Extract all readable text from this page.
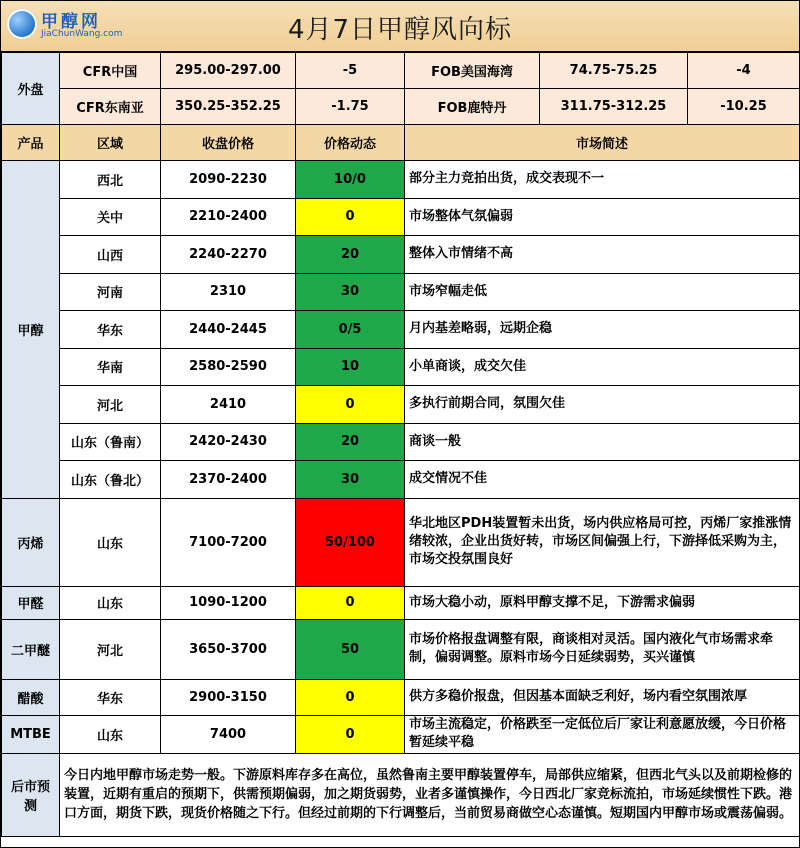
甲醇网
JiaChunWang.com	4月7日甲醇风向标
外盘	CFR中国	295.00-297.00	-5	FOB美国海湾	74.75-75.25	-4
	CFR东南亚	350.25-352.25	-1.75	FOB鹿特丹	311.75-312.25	-10.25
产品	区域	收盘价格	价格动态	市场简述		
甲醇	西北	2090-2230	10/0	部分主力竞拍出货，成交表现不一		
	关中	2210-2400	0	市场整体气氛偏弱		
	山西	2240-2270	20	整体入市情绪不高		
	河南	2310	30	市场窄幅走低		
	华东	2440-2445	0/5	月内基差略弱，远期企稳		
	华南	2580-2590	10	小单商谈，成交欠佳		
	河北	2410	0	多执行前期合同，氛围欠佳		
	山东（鲁南）	2420-2430	20	商谈一般		
	山东（鲁北）	2370-2400	30	成交情况不佳		
丙烯	山东	7100-7200	50/100	华北地区PDH装置暂未出货，场内供应格局可控，丙烯厂家推涨情绪较浓，企业出货好转，市场区间偏强上行，下游择低采购为主，市场交投氛围良好		
甲醛	山东	1090-1200	0	市场大稳小动，原料甲醇支撑不足，下游需求偏弱		
二甲醚	河北	3650-3700	50	市场价格报盘调整有限，商谈相对灵活。国内液化气市场需求牵制，偏弱调整。原料市场今日延续弱势，买兴谨慎		
醋酸	华东	2900-3150	0	供方多稳价报盘，但因基本面缺乏利好，场内看空氛围浓厚		
MTBE	山东	7400	0	市场主流稳定，价格跌至一定低位后厂家让利意愿放缓，今日价格暂延续平稳		
后市预测	今日内地甲醇市场走势一般。下游原料库存多在高位，虽然鲁南主要甲醇装置停车，局部供应缩紧，但西北气头以及前期检修的装置，近期有重启的预期下，供需预期偏弱，加之期货弱势，业者多谨慎操作，今日西北厂家竞标流拍，市场延续惯性下跌。港口方面，期货下跌，现货价格随之下行。但经过前期的下行调整后，当前贸易商做空心态谨慎。短期国内甲醇市场或震荡偏弱。					
